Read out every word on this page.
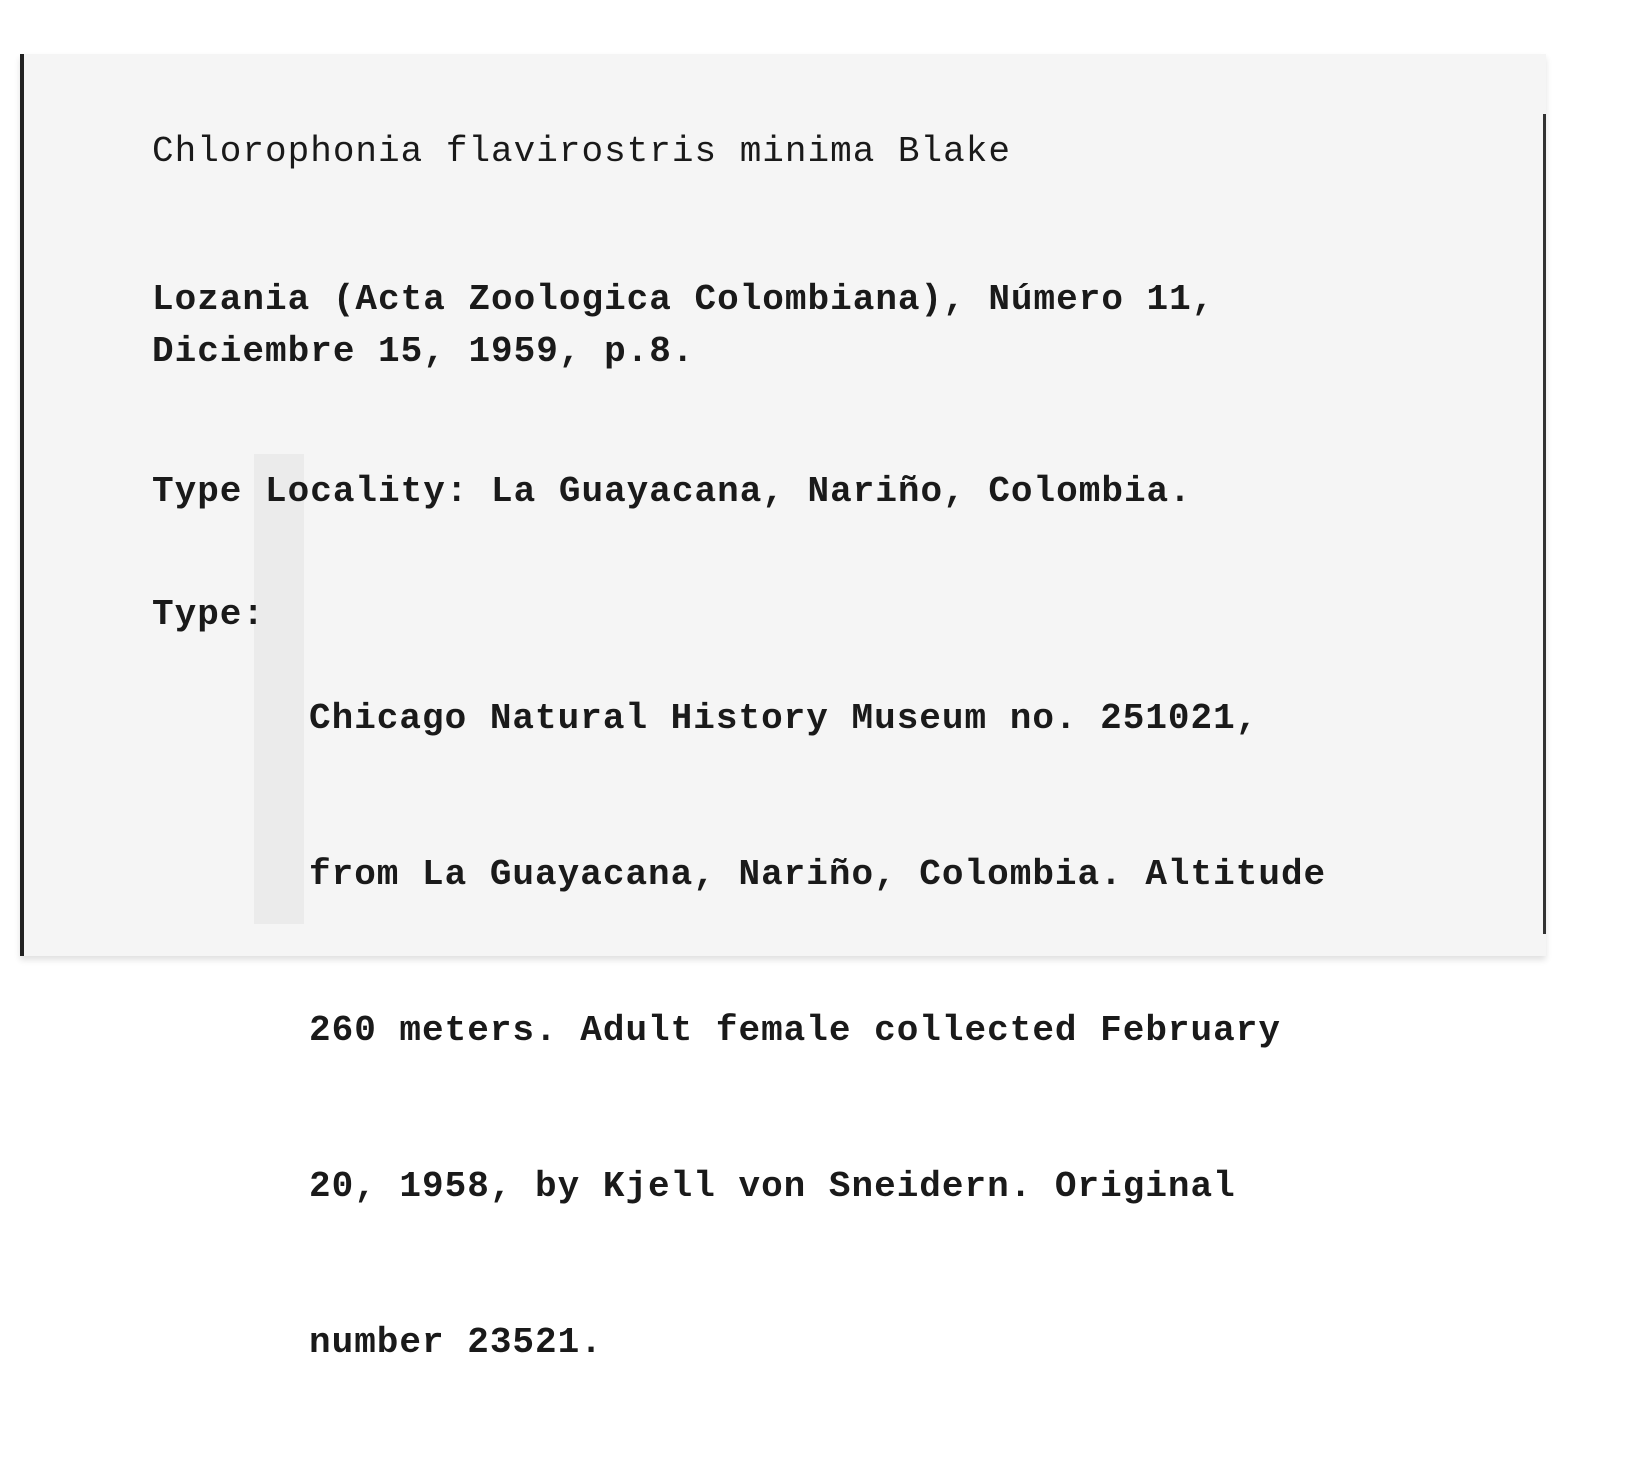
Chlorophonia flavirostris minima Blake
Lozania (Acta Zoologica Colombiana), Número 11,
Diciembre 15, 1959, p.8.
Type Locality: La Guayacana, Nariño, Colombia.
Type:

Chicago Natural History Museum no. 251021,

from La Guayacana, Nariño, Colombia. Altitude

260 meters. Adult female collected February

20, 1958, by Kjell von Sneidern. Original

number 23521.
